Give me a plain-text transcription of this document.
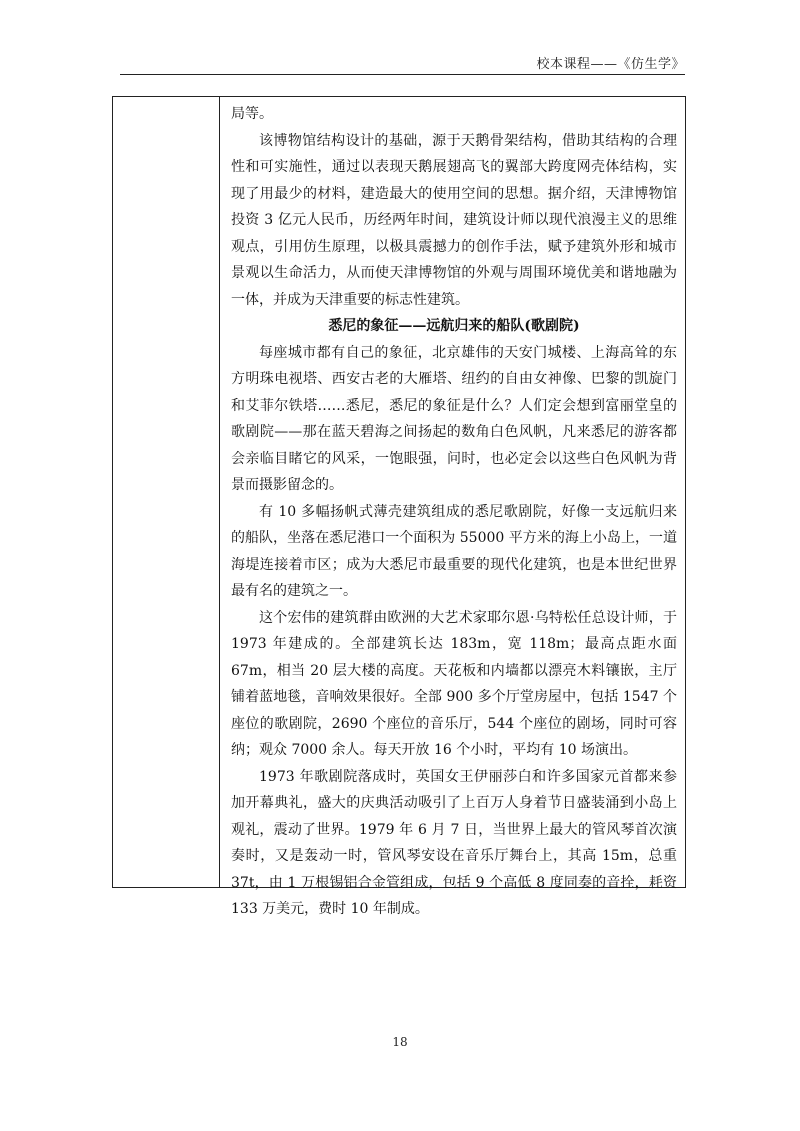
校本课程——《仿生学》

局等。

该博物馆结构设计的基础，源于天鹅骨架结构，借助其结构的合理性和可实施性，通过以表现天鹅展翅高飞的翼部大跨度网壳体结构，实现了用最少的材料，建造最大的使用空间的思想。据介绍，天津博物馆投资 3 亿元人民币，历经两年时间，建筑设计师以现代浪漫主义的思维观点，引用仿生原理，以极具震撼力的创作手法，赋予建筑外形和城市景观以生命活力，从而使天津博物馆的外观与周围环境优美和谐地融为一体，并成为天津重要的标志性建筑。

悉尼的象征——远航归来的船队(歌剧院)

每座城市都有自己的象征，北京雄伟的天安门城楼、上海高耸的东方明珠电视塔、西安古老的大雁塔、纽约的自由女神像、巴黎的凯旋门和艾菲尔铁塔……悉尼，悉尼的象征是什么？人们定会想到富丽堂皇的歌剧院——那在蓝天碧海之间扬起的数角白色风帆，凡来悉尼的游客都会亲临目睹它的风采，一饱眼强，问时，也必定会以这些白色风帆为背景而摄影留念的。

有 10 多幅扬帆式薄壳建筑组成的悉尼歌剧院，好像一支远航归来的船队，坐落在悉尼港口一个面积为 55000 平方米的海上小岛上，一道海堤连接着市区；成为大悉尼市最重要的现代化建筑，也是本世纪世界最有名的建筑之一。

这个宏伟的建筑群由欧洲的大艺术家耶尔恩·乌特松任总设计师，于 1973 年建成的。全部建筑长达 183m，宽 118m；最高点距水面 67m，相当 20 层大楼的高度。天花板和内墙都以漂亮木料镶嵌，主厅铺着蓝地毯，音响效果很好。全部 900 多个厅堂房屋中，包括 1547 个座位的歌剧院，2690 个座位的音乐厅，544 个座位的剧场，同时可容纳；观众 7000 余人。每天开放 16 个小时，平均有 10 场演出。

1973 年歌剧院落成时，英国女王伊丽莎白和许多国家元首都来参加开幕典礼，盛大的庆典活动吸引了上百万人身着节日盛装涌到小岛上观礼，震动了世界。1979 年 6 月 7 日，当世界上最大的管风琴首次演奏时，又是轰动一时，管风琴安设在音乐厅舞台上，其高 15m，总重 37t，由 1 万根锡铝合金管组成，包括 9 个高低 8 度同奏的音拴，耗资 133 万美元，费时 10 年制成。

18
